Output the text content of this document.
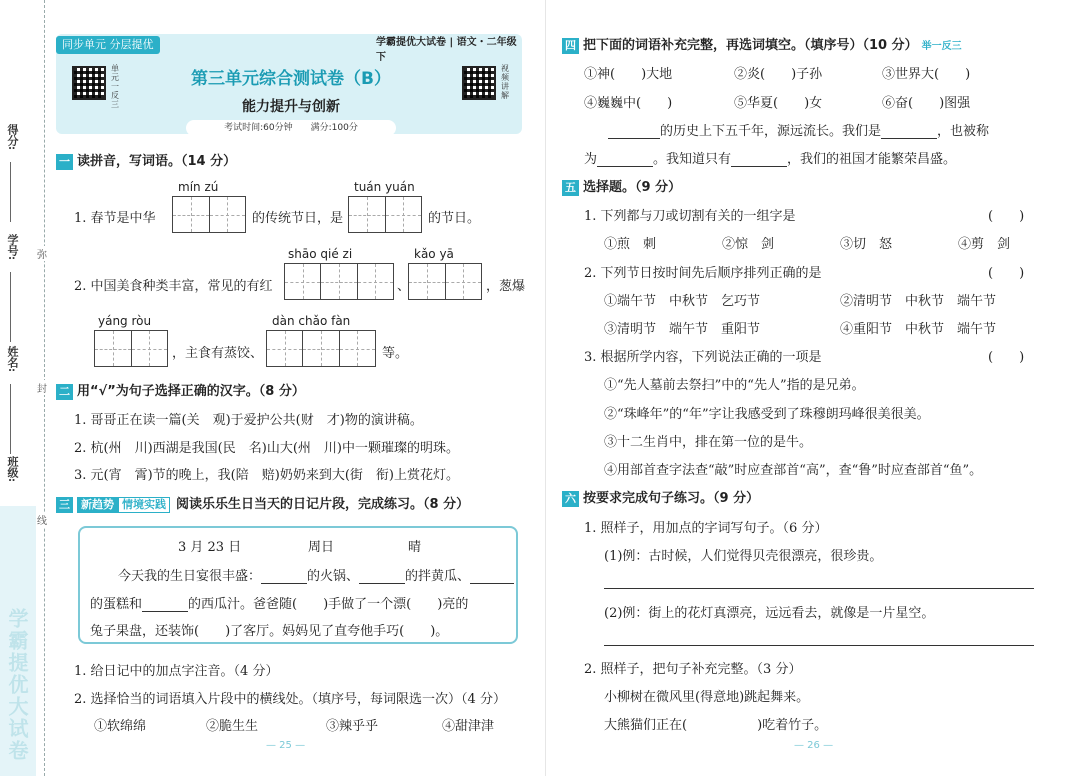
学霸提优大试卷
得分:
学号:
姓名:
班级:
弥
封
线
同步单元 分层提优	学霸提优大试卷 | 语文・二年级下
单元一反三
视频讲解
第三单元综合测试卷（B）
能力提升与创新
考试时间:60分钟　　满分:100分
一 读拼音，写词语。（14 分）
mín zú	tuán yuán
1. 春节是中华	的传统节日，是	的节日。
shāo qié zi	kǎo yā
2. 中国美食种类丰富，常见的有红	、	，葱爆
yáng ròu	dàn chǎo fàn
，主食有蒸饺、	等。
二 用“√”为句子选择正确的汉字。（8 分）
1. 哥哥正在读一篇(关　观)于爱护公共(财　才)物的演讲稿。
2. 杭(州　川)西湖是我国(民　名)山大(州　川)中一颗璀璨的明珠。
3. 元(宵　霄)节的晚上，我(陪　赔)奶奶来到大(街　衔)上赏花灯。
三 新趋势 情境实践 阅读乐乐生日当天的日记片段，完成练习。（8 分）
3 月 23 日	周日	晴
今天我的生日宴很丰盛：	的火锅、	的拌黄瓜、
的蛋糕和	的西瓜汁。爸爸随( )手做了一个漂( )亮的
兔子果盘，还装饰( )了客厅。妈妈见了直夸他手巧( )。
1. 给日记中的加点字注音。（4 分）
2. 选择恰当的词语填入片段中的横线处。（填序号，每词限选一次）（4 分）
①软绵绵	②脆生生	③辣乎乎	④甜津津
— 25 —
四 把下面的词语补充完整，再选词填空。（填序号）（10 分） 举一反三
①神(　　)大地	②炎(　　)子孙	③世界大(　　)
④巍巍中(　　)	⑤华夏(　　)女	⑥奋(　　)图强
的历史上下五千年，源远流长。我们是	，也被称
为	。我知道只有	，我们的祖国才能繁荣昌盛。
五 选择题。（9 分）
1. 下列都与刀或切割有关的一组字是	(　　)
①煎　刺	②惊　剑	③切　怒	④剪　剑
2. 下列节日按时间先后顺序排列正确的是	(　　)
①端午节　中秋节　乞巧节	②清明节　中秋节　端午节
③清明节　端午节　重阳节	④重阳节　中秋节　端午节
3. 根据所学内容，下列说法正确的一项是	(　　)
①“先人墓前去祭扫”中的“先人”指的是兄弟。
②“珠峰年”的“年”字让我感受到了珠穆朗玛峰很美很美。
③十二生肖中，排在第一位的是牛。
④用部首查字法查“敲”时应查部首“高”，查“鲁”时应查部首“鱼”。
六 按要求完成句子练习。（9 分）
1. 照样子，用加点的字词写句子。（6 分）
(1)例：古时候，人们觉得贝壳很漂亮，很珍贵。
(2)例：街上的花灯真漂亮，远远看去，就像是一片星空。
2. 照样子，把句子补充完整。（3 分）
小柳树在微风里(得意地)跳起舞来。
大熊猫们正在(	)吃着竹子。
— 26 —
